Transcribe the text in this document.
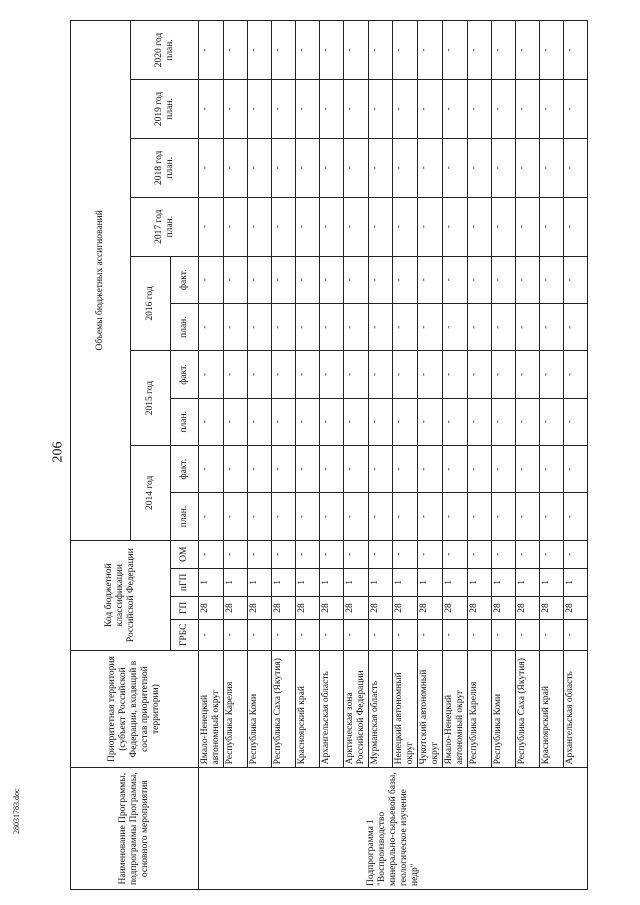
206
28031783.doc	Наименование Программы, подпрограммы Программы, основного мероприятия	Приоритетная территория (субъект Российской Федерации, входящий в состав приоритетной территории)	Код бюджетной классификации Российской Федерации				Объемы бюджетных ассигнований									
						2014 год		2015 год		2016 год		2017 год план.	2018 год план.	2019 год план.	2020 год план.
		ГРБС	ГП	пГП	ОМ	план.	факт.	план.	факт.	план.	факт.				
Подпрограмма 1 "Воспроизводство минерально-сырьевой базы, геологическое изучение недр"	Ямало-Ненецкий автономный округ	-	28	1	-	-	-	-	-	-	-	-	-	-	-
	Республика Карелия	-	28	1	-	-	-	-	-	-	-	-	-	-	-
	Республика Коми	-	28	1	-	-	-	-	-	-	-	-	-	-	-
	Республика Саха (Якутия)	-	28	1	-	-	-	-	-	-	-	-	-	-	-
	Красноярский край	-	28	1	-	-	-	-	-	-	-	-	-	-	-
	Архангельская область	-	28	1	-	-	-	-	-	-	-	-	-	-	-
	Арктическая зона Российской Федерации	-	28	1	-	-	-	-	-	-	-	-	-	-	-
	Мурманская область	-	28	1	-	-	-	-	-	-	-	-	-	-	-
	Ненецкий автономный округ	-	28	1	-	-	-	-	-	-	-	-	-	-	-
	Чукотский автономный округ	-	28	1	-	-	-	-	-	-	-	-	-	-	-
	Ямало-Ненецкий автономный округ	-	28	1	-	-	-	-	-	-	-	-	-	-	-
	Республика Карелия	-	28	1	-	-	-	-	-	-	-	-	-	-	-
	Республика Коми	-	28	1	-	-	-	-	-	-	-	-	-	-	-
	Республика Саха (Якутия)	-	28	1	-	-	-	-	-	-	-	-	-	-	-
	Красноярский край	-	28	1	-	-	-	-	-	-	-	-	-	-	-
	Архангельская область	-	28	1	-	-	-	-	-	-	-	-	-	-	-
